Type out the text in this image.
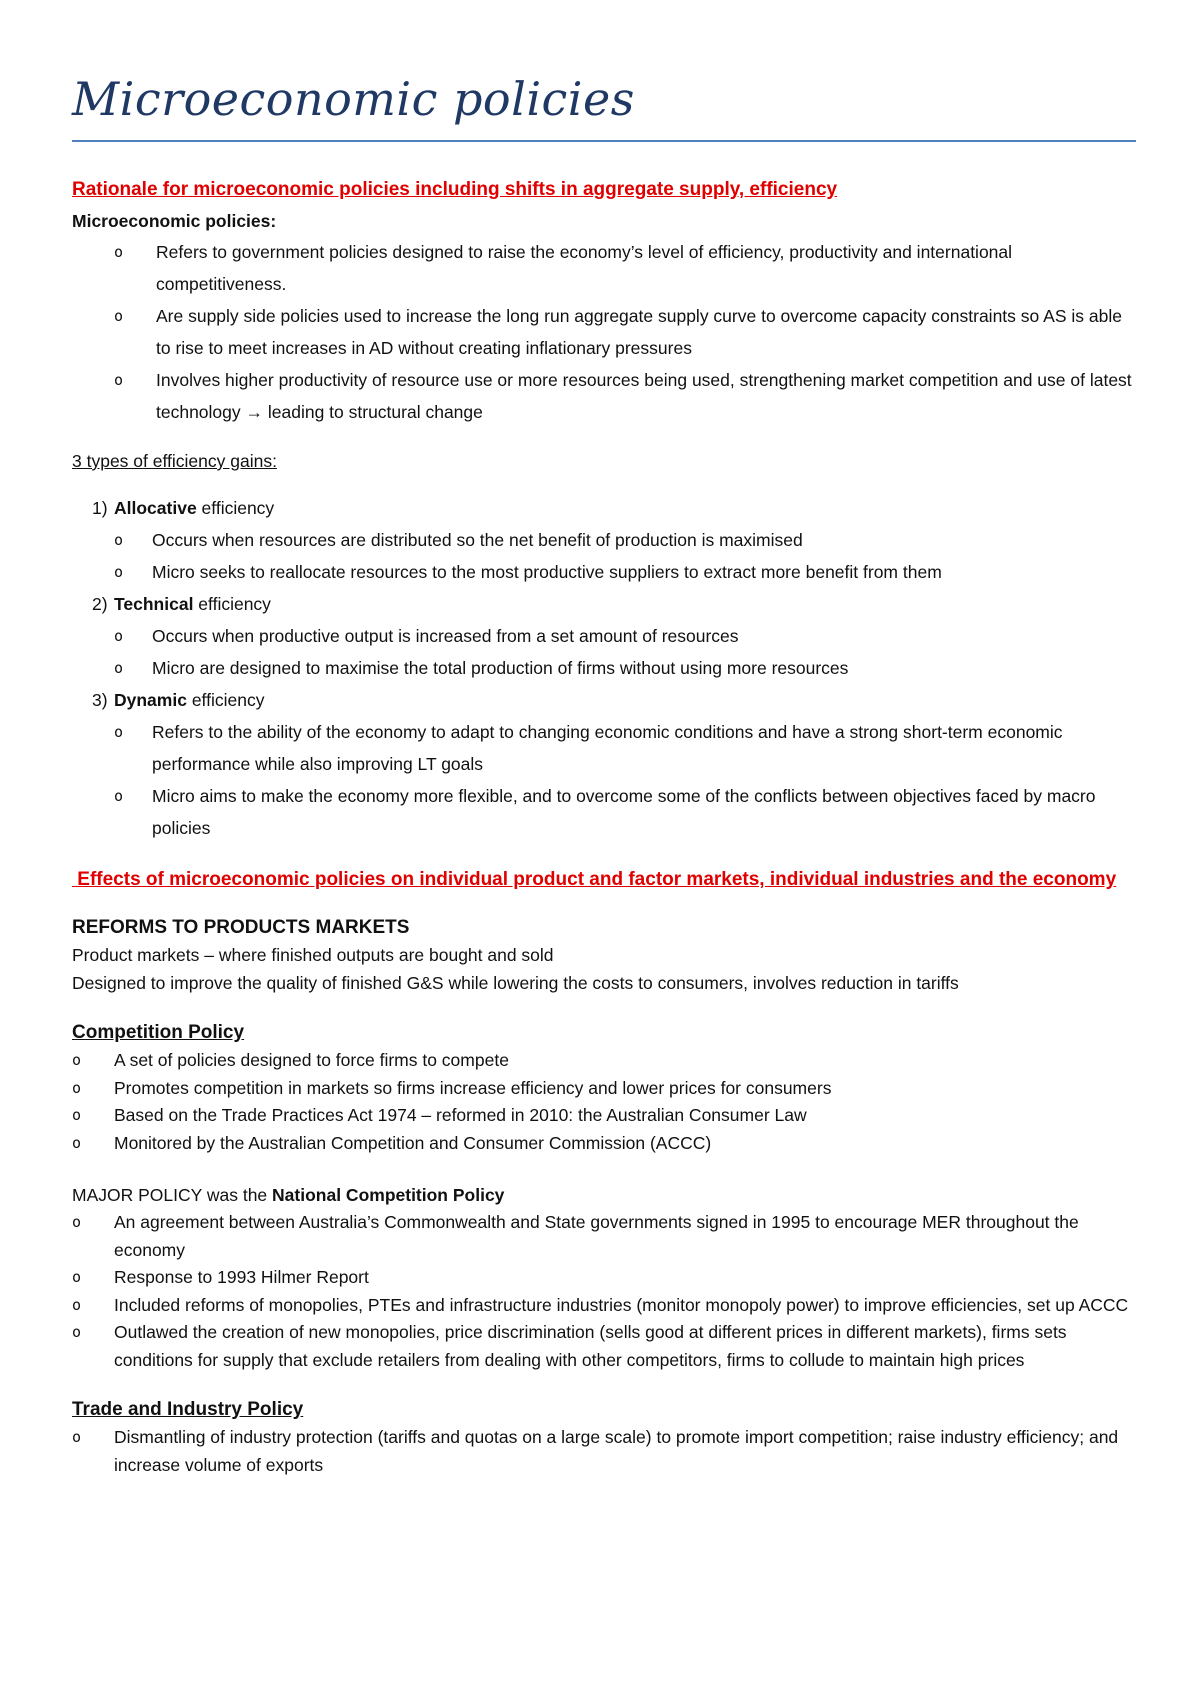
Microeconomic policies
Rationale for microeconomic policies including shifts in aggregate supply, efficiency
Microeconomic policies:
o Refers to government policies designed to raise the economy’s level of efficiency, productivity and international competitiveness.
o Are supply side policies used to increase the long run aggregate supply curve to overcome capacity constraints so AS is able to rise to meet increases in AD without creating inflationary pressures
o Involves higher productivity of resource use or more resources being used, strengthening market competition and use of latest technology → leading to structural change
3 types of efficiency gains:
1) Allocative efficiency
o Occurs when resources are distributed so the net benefit of production is maximised
o Micro seeks to reallocate resources to the most productive suppliers to extract more benefit from them
2) Technical efficiency
o Occurs when productive output is increased from a set amount of resources
o Micro are designed to maximise the total production of firms without using more resources
3) Dynamic efficiency
o Refers to the ability of the economy to adapt to changing economic conditions and have a strong short-term economic performance while also improving LT goals
o Micro aims to make the economy more flexible, and to overcome some of the conflicts between objectives faced by macro policies
Effects of microeconomic policies on individual product and factor markets, individual industries and the economy
REFORMS TO PRODUCTS MARKETS
Product markets – where finished outputs are bought and sold
Designed to improve the quality of finished G&S while lowering the costs to consumers, involves reduction in tariffs
Competition Policy
o A set of policies designed to force firms to compete
o Promotes competition in markets so firms increase efficiency and lower prices for consumers
o Based on the Trade Practices Act 1974 – reformed in 2010: the Australian Consumer Law
o Monitored by the Australian Competition and Consumer Commission (ACCC)
MAJOR POLICY was the National Competition Policy
o An agreement between Australia’s Commonwealth and State governments signed in 1995 to encourage MER throughout the economy
o Response to 1993 Hilmer Report
o Included reforms of monopolies, PTEs and infrastructure industries (monitor monopoly power) to improve efficiencies, set up ACCC
o Outlawed the creation of new monopolies, price discrimination (sells good at different prices in different markets), firms sets conditions for supply that exclude retailers from dealing with other competitors, firms to collude to maintain high prices
Trade and Industry Policy
o Dismantling of industry protection (tariffs and quotas on a large scale) to promote import competition; raise industry efficiency; and increase volume of exports
